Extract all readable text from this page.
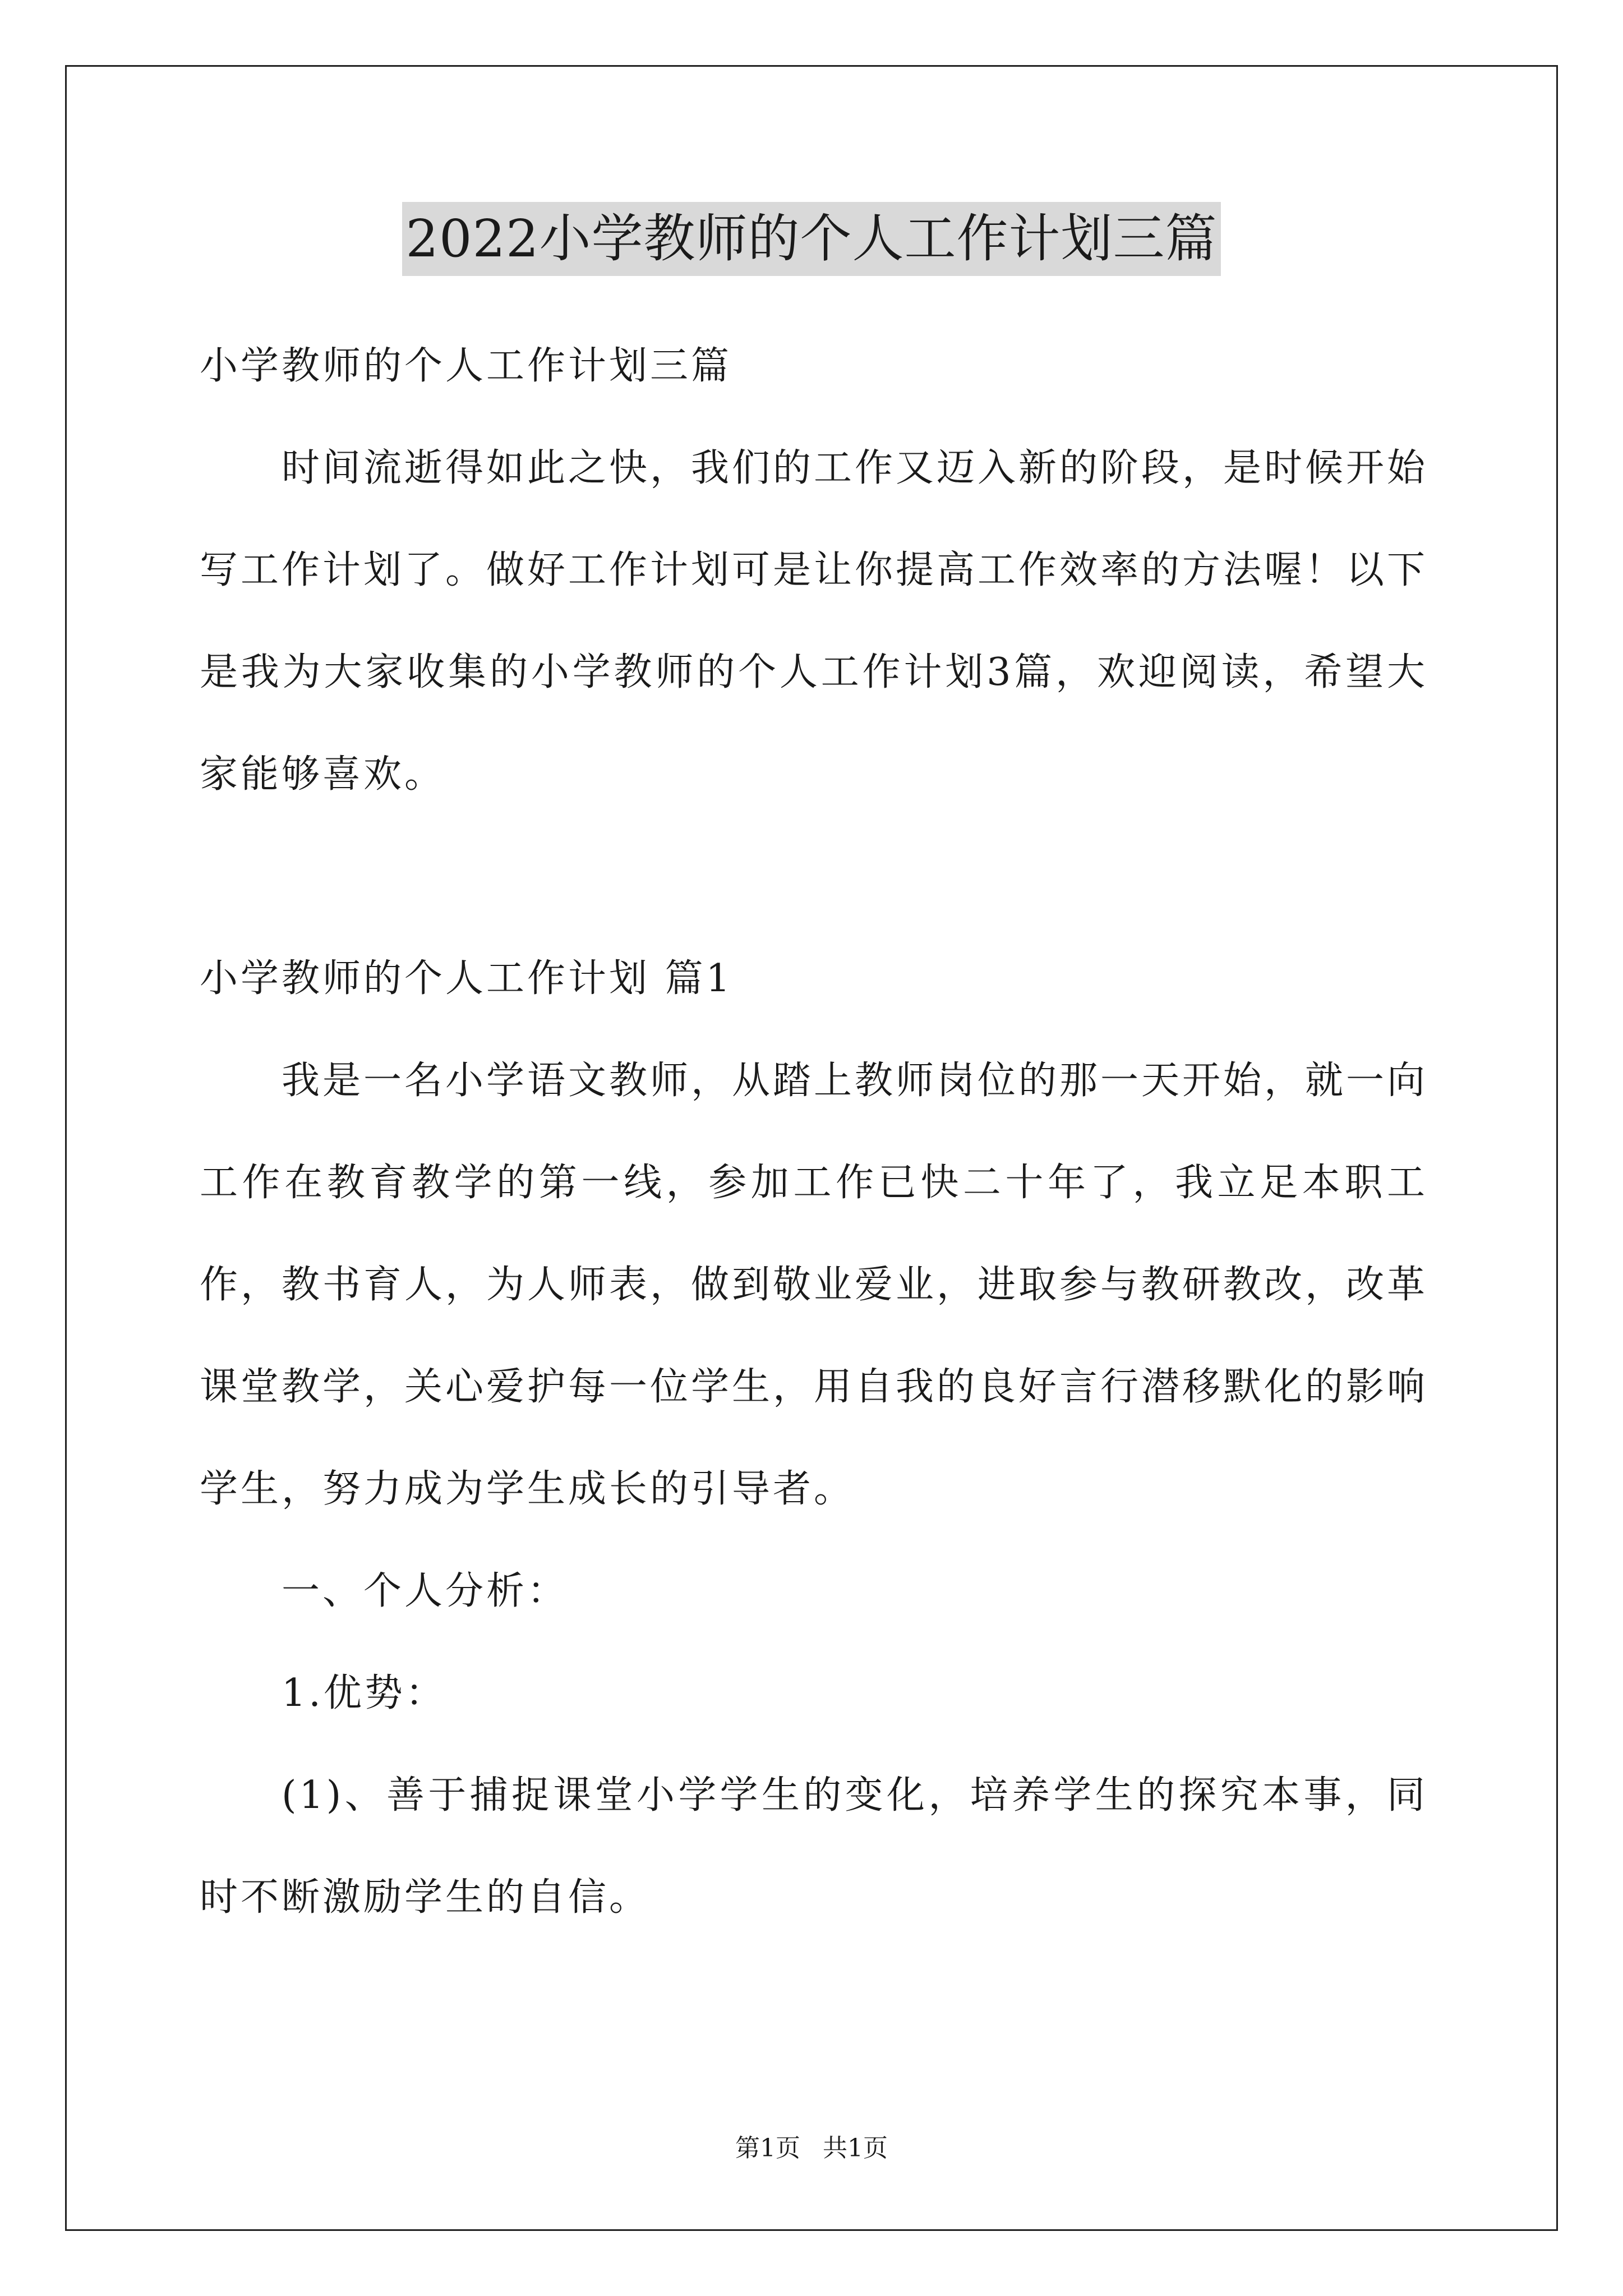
2022小学教师的个人工作计划三篇

小学教师的个人工作计划三篇

时间流逝得如此之快，我们的工作又迈入新的阶段，是时候开始写工作计划了。做好工作计划可是让你提高工作效率的方法喔！以下是我为大家收集的小学教师的个人工作计划3篇，欢迎阅读，希望大家能够喜欢。

小学教师的个人工作计划 篇1

我是一名小学语文教师，从踏上教师岗位的那一天开始，就一向工作在教育教学的第一线，参加工作已快二十年了，我立足本职工作，教书育人，为人师表，做到敬业爱业，进取参与教研教改，改革课堂教学，关心爱护每一位学生，用自我的良好言行潜移默化的影响学生，努力成为学生成长的引导者。

一、个人分析：

1.优势：

(1)、善于捕捉课堂小学学生的变化，培养学生的探究本事，同时不断激励学生的自信。

第1页 共1页
